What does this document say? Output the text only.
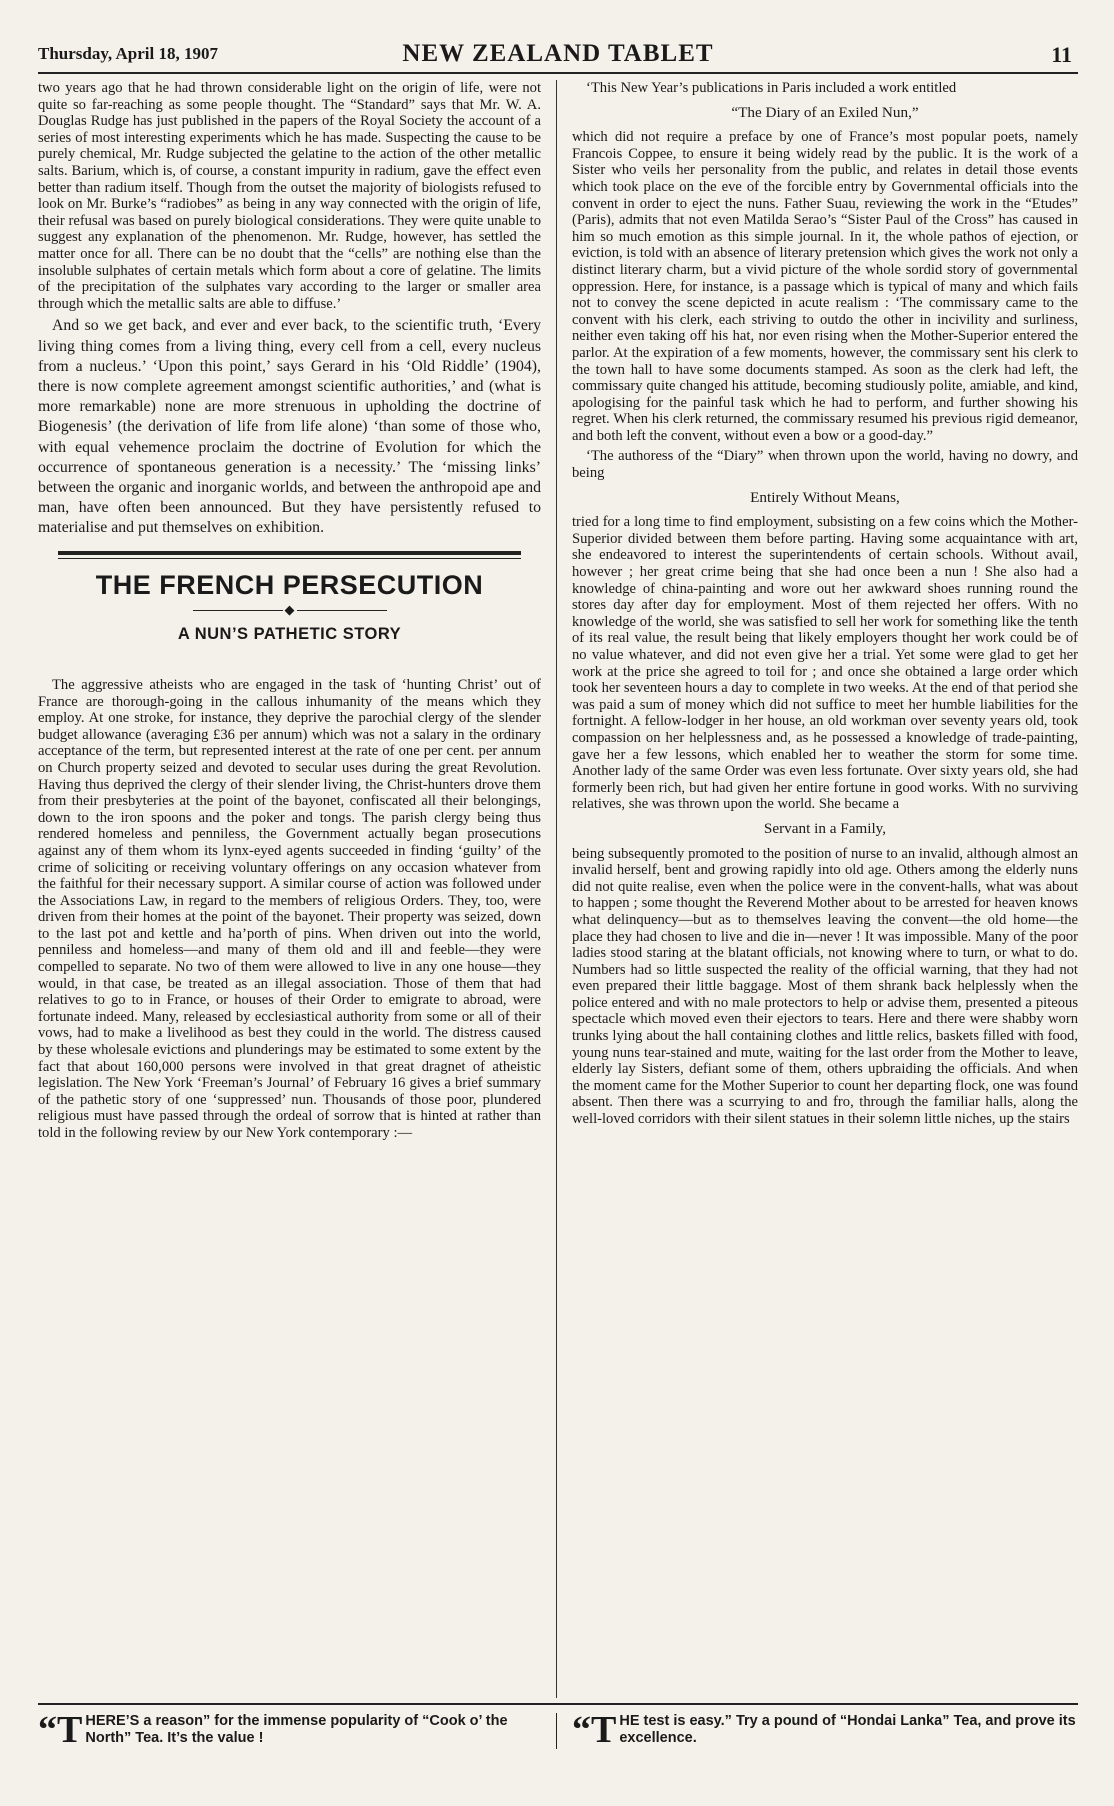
Thursday, April 18, 1907	NEW ZEALAND TABLET	11

two years ago that he had thrown considerable light on the origin of life, were not quite so far-reaching as some people thought. The “Standard” says that Mr. W. A. Douglas Rudge has just published in the papers of the Royal Society the account of a series of most interesting experiments which he has made. Suspecting the cause to be purely chemical, Mr. Rudge subjected the gelatine to the action of the other metallic salts. Barium, which is, of course, a constant impurity in radium, gave the effect even better than radium itself. Though from the outset the majority of biologists refused to look on Mr. Burke’s “radiobes” as being in any way connected with the origin of life, their refusal was based on purely biological considerations. They were quite unable to suggest any explanation of the phenomenon. Mr. Rudge, however, has settled the matter once for all. There can be no doubt that the “cells” are nothing else than the insoluble sulphates of certain metals which form about a core of gelatine. The limits of the precipitation of the sulphates vary according to the larger or smaller area through which the metallic salts are able to diffuse.’

And so we get back, and ever and ever back, to the scientific truth, ‘Every living thing comes from a living thing, every cell from a cell, every nucleus from a nucleus.’ ‘Upon this point,’ says Gerard in his ‘Old Riddle’ (1904), there is now complete agreement amongst scientific authorities,’ and (what is more remarkable) none are more strenuous in upholding the doctrine of Biogenesis’ (the derivation of life from life alone) ‘than some of those who, with equal vehemence proclaim the doctrine of Evolution for which the occurrence of spontaneous generation is a necessity.’ The ‘missing links’ between the organic and inorganic worlds, and between the anthropoid ape and man, have often been announced. But they have persistently refused to materialise and put themselves on exhibition.

THE FRENCH PERSECUTION
◆
A NUN’S PATHETIC STORY

The aggressive atheists who are engaged in the task of ‘hunting Christ’ out of France are thorough-going in the callous inhumanity of the means which they employ. At one stroke, for instance, they deprive the parochial clergy of the slender budget allowance (averaging £36 per annum) which was not a salary in the ordinary acceptance of the term, but represented interest at the rate of one per cent. per annum on Church property seized and devoted to secular uses during the great Revolution. Having thus deprived the clergy of their slender living, the Christ-hunters drove them from their presbyteries at the point of the bayonet, confiscated all their belongings, down to the iron spoons and the poker and tongs. The parish clergy being thus rendered homeless and penniless, the Government actually began prosecutions against any of them whom its lynx-eyed agents succeeded in finding ‘guilty’ of the crime of soliciting or receiving voluntary offerings on any occasion whatever from the faithful for their necessary support. A similar course of action was followed under the Associations Law, in regard to the members of religious Orders. They, too, were driven from their homes at the point of the bayonet. Their property was seized, down to the last pot and kettle and ha’porth of pins. When driven out into the world, penniless and homeless—and many of them old and ill and feeble—they were compelled to separate. No two of them were allowed to live in any one house—they would, in that case, be treated as an illegal association. Those of them that had relatives to go to in France, or houses of their Order to emigrate to abroad, were fortunate indeed. Many, released by ecclesiastical authority from some or all of their vows, had to make a livelihood as best they could in the world. The distress caused by these wholesale evictions and plunderings may be estimated to some extent by the fact that about 160,000 persons were involved in that great dragnet of atheistic legislation. The New York ‘Freeman’s Journal’ of February 16 gives a brief summary of the pathetic story of one ‘suppressed’ nun. Thousands of those poor, plundered religious must have passed through the ordeal of sorrow that is hinted at rather than told in the following review by our New York contemporary :—

‘This New Year’s publications in Paris included a work entitled

“The Diary of an Exiled Nun,”

which did not require a preface by one of France’s most popular poets, namely Francois Coppee, to ensure it being widely read by the public. It is the work of a Sister who veils her personality from the public, and relates in detail those events which took place on the eve of the forcible entry by Governmental officials into the convent in order to eject the nuns. Father Suau, reviewing the work in the “Etudes” (Paris), admits that not even Matilda Serao’s “Sister Paul of the Cross” has caused in him so much emotion as this simple journal. In it, the whole pathos of ejection, or eviction, is told with an absence of literary pretension which gives the work not only a distinct literary charm, but a vivid picture of the whole sordid story of governmental oppression. Here, for instance, is a passage which is typical of many and which fails not to convey the scene depicted in acute realism : ‘The commissary came to the convent with his clerk, each striving to outdo the other in incivility and surliness, neither even taking off his hat, nor even rising when the Mother-Superior entered the parlor. At the expiration of a few moments, however, the commissary sent his clerk to the town hall to have some documents stamped. As soon as the clerk had left, the commissary quite changed his attitude, becoming studiously polite, amiable, and kind, apologising for the painful task which he had to perform, and further showing his regret. When his clerk returned, the commissary resumed his previous rigid demeanor, and both left the convent, without even a bow or a good-day.”

‘The authoress of the “Diary” when thrown upon the world, having no dowry, and being

Entirely Without Means,

tried for a long time to find employment, subsisting on a few coins which the Mother-Superior divided between them before parting. Having some acquaintance with art, she endeavored to interest the superintendents of certain schools. Without avail, however ; her great crime being that she had once been a nun ! She also had a knowledge of china-painting and wore out her awkward shoes running round the stores day after day for employment. Most of them rejected her offers. With no knowledge of the world, she was satisfied to sell her work for something like the tenth of its real value, the result being that likely employers thought her work could be of no value whatever, and did not even give her a trial. Yet some were glad to get her work at the price she agreed to toil for ; and once she obtained a large order which took her seventeen hours a day to complete in two weeks. At the end of that period she was paid a sum of money which did not suffice to meet her humble liabilities for the fortnight. A fellow-lodger in her house, an old workman over seventy years old, took compassion on her helplessness and, as he possessed a knowledge of trade-painting, gave her a few lessons, which enabled her to weather the storm for some time. Another lady of the same Order was even less fortunate. Over sixty years old, she had formerly been rich, but had given her entire fortune in good works. With no surviving relatives, she was thrown upon the world. She became a

Servant in a Family,

being subsequently promoted to the position of nurse to an invalid, although almost an invalid herself, bent and growing rapidly into old age. Others among the elderly nuns did not quite realise, even when the police were in the convent-halls, what was about to happen ; some thought the Reverend Mother about to be arrested for heaven knows what delinquency—but as to themselves leaving the convent—the old home—the place they had chosen to live and die in—never ! It was impossible. Many of the poor ladies stood staring at the blatant officials, not knowing where to turn, or what to do. Numbers had so little suspected the reality of the official warning, that they had not even prepared their little baggage. Most of them shrank back helplessly when the police entered and with no male protectors to help or advise them, presented a piteous spectacle which moved even their ejectors to tears. Here and there were shabby worn trunks lying about the hall containing clothes and little relics, baskets filled with food, young nuns tear-stained and mute, waiting for the last order from the Mother to leave, elderly lay Sisters, defiant some of them, others upbraiding the officials. And when the moment came for the Mother Superior to count her departing flock, one was found absent. Then there was a scurrying to and fro, through the familiar halls, along the well-loved corridors with their silent statues in their solemn little niches, up the stairs

“THERE’S a reason” for the immense popularity of “Cook o’ the North” Tea. It’s the value !	“THE test is easy.” Try a pound of “Hondai Lanka” Tea, and prove its excellence.
